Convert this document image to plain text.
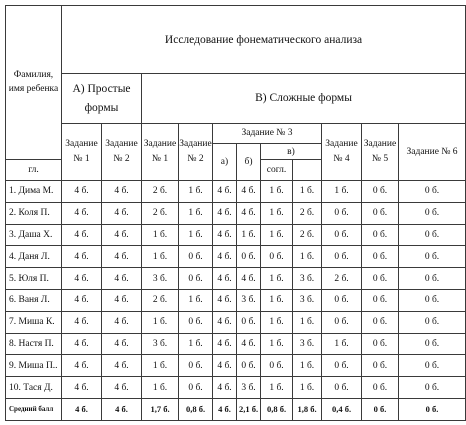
Фамилия, имя ребенка	Исследование фонематического анализа										
	А) Простые формы		В) Сложные формы								
	Задание № 1	Задание № 2	Задание № 1	Задание № 2	Задание № 3				Задание № 4	Задание № 5	Задание № 6
					а)	б)	в)				
гл.							согл.				
1. Дима М.	4 б.	4 б.	2 б.	1 б.	4 б.	4 б.	1 б.	1 б.	1 б.	0 б.	0 б.
2. Коля П.	4 б.	4 б.	2 б.	1 б.	4 б.	4 б.	1 б.	2 б.	0 б.	0 б.	0 б.
3. Даша Х.	4 б.	4 б.	1 б.	1 б.	4 б.	1 б.	1 б.	2 б.	0 б.	0 б.	0 б.
4. Даня Л.	4 б.	4 б.	1 б.	0 б.	4 б.	0 б.	0 б.	1 б.	0 б.	0 б.	0 б.
5. Юля П.	4 б.	4 б.	3 б.	0 б.	4 б.	4 б.	1 б.	3 б.	2 б.	0 б.	0 б.
6. Ваня Л.	4 б.	4 б.	2 б.	1 б.	4 б.	3 б.	1 б.	3 б.	0 б.	0 б.	0 б.
7. Миша К.	4 б.	4 б.	1 б.	0 б.	4 б.	0 б.	1 б.	1 б.	0 б.	0 б.	0 б.
8. Настя П.	4 б.	4 б.	3 б.	1 б.	4 б.	4 б.	1 б.	3 б.	1 б.	0 б.	0 б.
9. Миша П..	4 б.	4 б.	1 б.	0 б.	4 б.	0 б.	0 б.	1 б.	0 б.	0 б.	0 б.
10. Тася Д.	4 б.	4 б.	1 б.	0 б.	4 б.	3 б.	1 б.	1 б.	0 б.	0 б.	0 б.
Средний балл	4 б.	4 б.	1,7 б.	0,8 б.	4 б.	2,1 б.	0,8 б.	1,8 б.	0,4 б.	0 б.	0 б.
